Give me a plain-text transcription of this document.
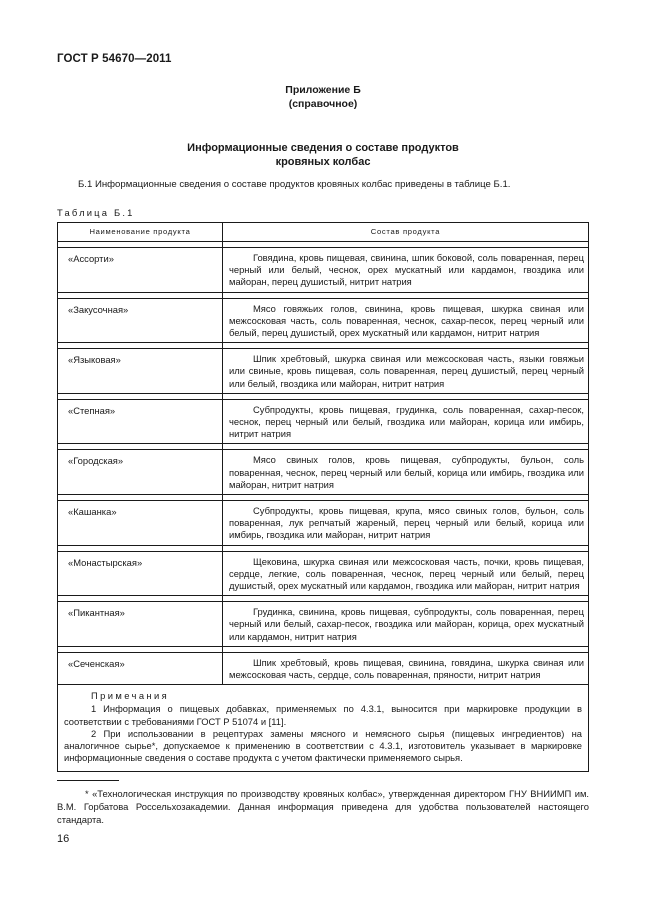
ГОСТ Р 54670—2011
Приложение Б
(справочное)
Информационные сведения о составе продуктов
кровяных колбас
Б.1 Информационные сведения о составе продуктов кровяных колбас приведены в таблице Б.1.
Таблица Б.1
Наименование продукта	Состав продукта

«Ассорти»	Говядина, кровь пищевая, свинина, шпик боковой, соль поваренная, перец черный или белый, чеснок, орех мускатный или кардамон, гвоздика или майоран, перец душистый, нитрит натрия

«Закусочная»	Мясо говяжьих голов, свинина, кровь пищевая, шкурка свиная или межсосковая часть, соль поваренная, чеснок, сахар-песок, перец черный или белый, перец душистый, орех мускатный или кардамон, нитрит натрия

«Языковая»	Шпик хребтовый, шкурка свиная или межсосковая часть, языки говяжьи или свиные, кровь пищевая, соль поваренная, перец душистый, перец черный или белый, гвоздика или майоран, нитрит натрия

«Степная»	Субпродукты, кровь пищевая, грудинка, соль поваренная, сахар-песок, чеснок, перец черный или белый, гвоздика или майоран, корица или имбирь, нитрит натрия

«Городская»	Мясо свиных голов, кровь пищевая, субпродукты, бульон, соль поваренная, чеснок, перец черный или белый, корица или имбирь, гвоздика или майоран, нитрит натрия

«Кашанка»	Субпродукты, кровь пищевая, крупа, мясо свиных голов, бульон, соль поваренная, лук репчатый жареный, перец черный или белый, корица или имбирь, гвоздика или майоран, нитрит натрия

«Монастырская»	Щековина, шкурка свиная или межсосковая часть, почки, кровь пищевая, сердце, легкие, соль поваренная, чеснок, перец черный или белый, перец душистый, орех мускатный или кардамон, гвоздика или майоран, нитрит натрия

«Пикантная»	Грудинка, свинина, кровь пищевая, субпродукты, соль поваренная, перец черный или белый, сахар-песок, гвоздика или майоран, корица, орех мускатный или кардамон, нитрит натрия

«Сеченская»	Шпик хребтовый, кровь пищевая, свинина, говядина, шкурка свиная или межсосковая часть, сердце, соль поваренная, пряности, нитрит натрия

Примечания

1 Информация о пищевых добавках, применяемых по 4.3.1, выносится при маркировке продукции в соответствии с требованиями ГОСТ Р 51074 и [11].

2 При использовании в рецептурах замены мясного и немясного сырья (пищевых ингредиентов) на аналогичное сырье*, допускаемое к применению в соответствии с 4.3.1, изготовитель указывает в маркировке информационные сведения о составе продукта с учетом фактически применяемого сырья.	

* «Технологическая инструкция по производству кровяных колбас», утвержденная директором ГНУ ВНИИМП им. В.М. Горбатова Россельхозакадемии. Данная информация приведена для удобства пользователей настоящего стандарта.
16
